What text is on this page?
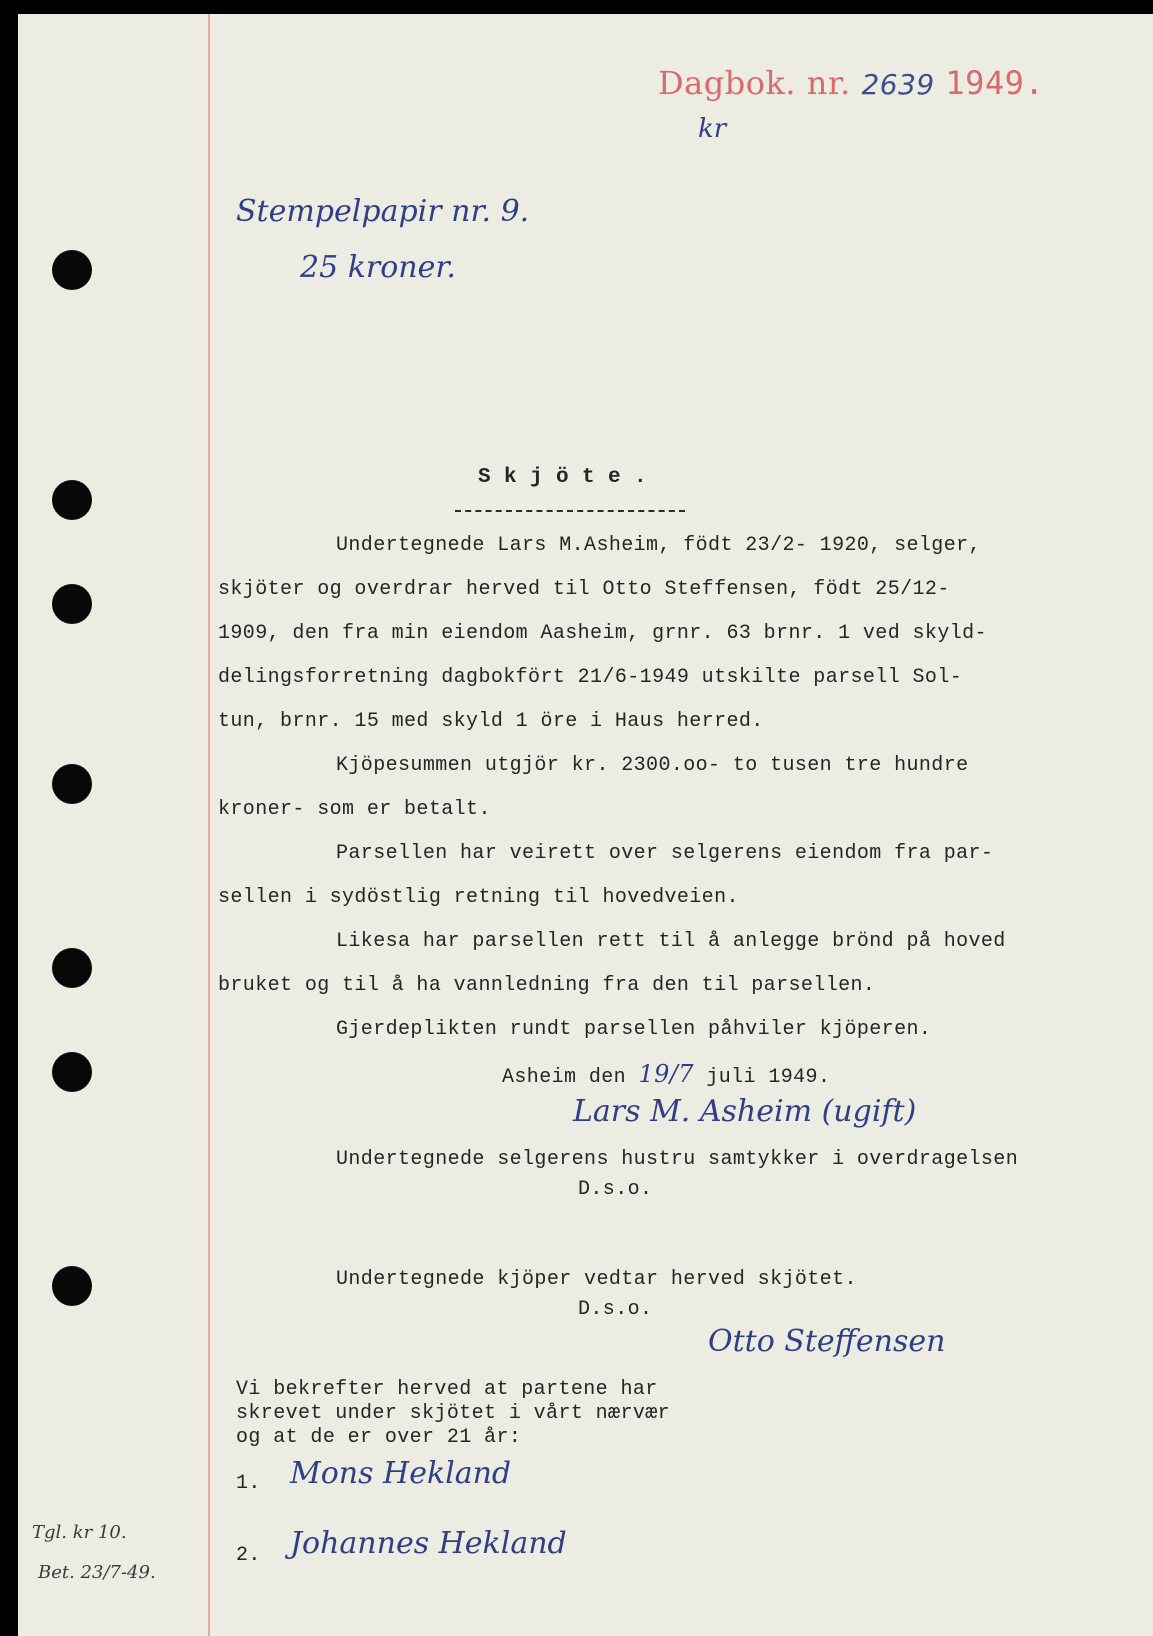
Dagbok. nr. 2639 1949.
kr
Stempelpapir nr. 9.
25 kroner.
S k j ö t e .
Undertegnede Lars M.Asheim, födt 23/2- 1920, selger,
skjöter og overdrar herved til Otto Steffensen, födt 25/12-
1909, den fra min eiendom Aasheim, grnr. 63 brnr. 1 ved skyld-
delingsforretning dagbokfört 21/6-1949 utskilte parsell Sol-
tun, brnr. 15 med skyld 1 öre i Haus herred.
Kjöpesummen utgjör kr. 2300.oo- to tusen tre hundre
kroner- som er betalt.
Parsellen har veirett over selgerens eiendom fra par-
sellen i sydöstlig retning til hovedveien.
Likesa har parsellen rett til å anlegge brönd på hoved
bruket og til å ha vannledning fra den til parsellen.
Gjerdeplikten rundt parsellen påhviler kjöperen.
Asheim den 19/7 juli 1949.
Lars M. Asheim (ugift)
Undertegnede selgerens hustru samtykker i overdragelsen
D.s.o.
Undertegnede kjöper vedtar herved skjötet.
D.s.o.
Otto Steffensen
Vi bekrefter herved at partene har
skrevet under skjötet i vårt nærvær
og at de er over 21 år:
1. Mons Hekland
2. Johannes Hekland
Tgl. kr 10.
Bet. 23/7-49.
